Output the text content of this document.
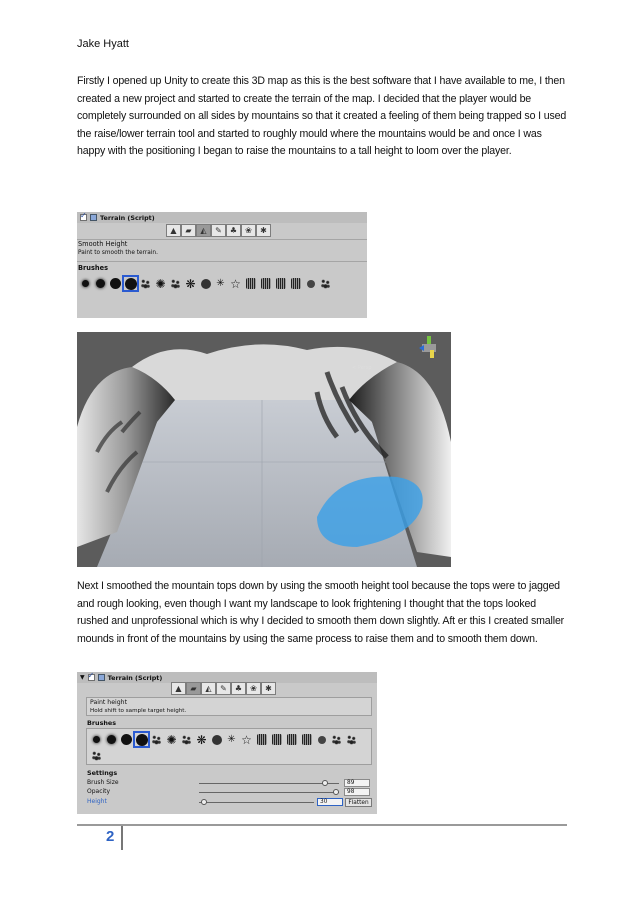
Jake Hyatt
Firstly I opened up Unity to create this 3D map as this is the best software that I have available to me, I then created a new project and started to create the terrain of the map. I decided that the player would be completely surrounded on all sides by mountains so that it created a feeling of them being trapped so I used the raise/lower terrain tool and started to roughly mould where the mountains would be and once I was happy with the positioning I began to raise the mountains to a tall height to loom over the player.
✓
Terrain (Script)
▲	▰	◭	✎	♣	❀	✱
Smooth Height
Paint to smooth the terrain.
Brushes
✺ ❋ ✳ ☆
< Persp
Next I smoothed the mountain tops down by using the smooth height tool because the tops were to jagged and rough looking, even though I want my landscape to look frightening I thought that the tops looked rushed and unprofessional which is why I decided to smooth them down slightly. Aft er this I created smaller mounds in front of the mountains by using the same process to raise them and to smooth them down.
▼
✓	Terrain (Script)
▲	▰	◭	✎	♣	❀	✱
Paint height
Hold shift to sample target height.
Brushes
✺ ❋ ✳ ☆
Settings
Brush Size	89
Opacity	98
Height	30	Flatten
2
